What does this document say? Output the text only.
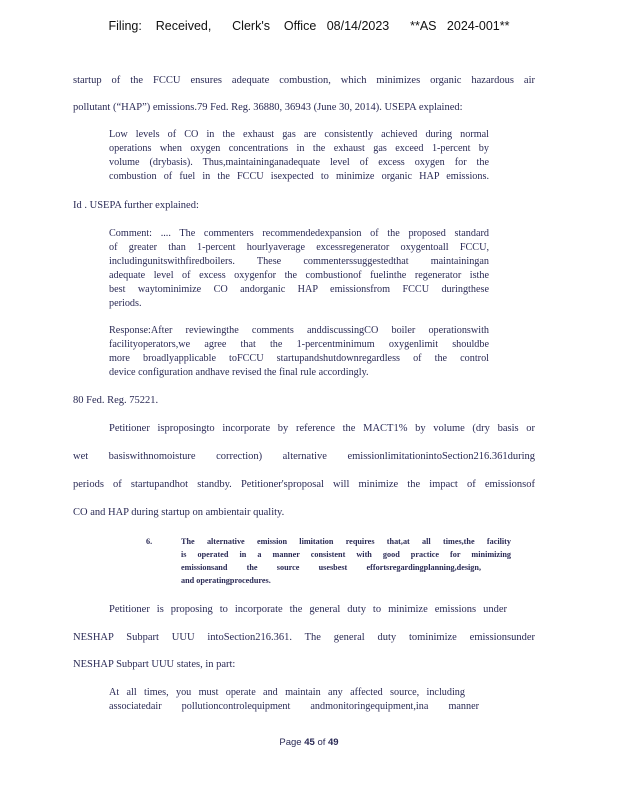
Filing:    Received,      Clerk's    Office   08/14/2023      **AS   2024-001**
startup of the FCCU ensures adequate combustion, which minimizes organic hazardous air
pollutant (“HAP”) emissions.79 Fed. Reg. 36880, 36943 (June 30, 2014). USEPA explained:
Low levels of CO in the exhaust gas are consistently achieved during normal
operations when oxygen concentrations in the exhaust gas exceed 1-percent by
volume (drybasis). Thus,maintaininganadequate level of excess oxygen for the
combustion of fuel in the FCCU isexpected to minimize organic HAP emissions.
Id . USEPA further explained:
Comment: .... The commenters recommendedexpansion of the proposed standard
of greater than 1-percent hourlyaverage excessregenerator oxygentoall FCCU,
includingunitswithfiredboilers. These commenterssuggestedthat maintainingan
adequate level of excess oxygenfor the combustionof fuelinthe regenerator isthe
best waytominimize CO andorganic HAP emissionsfrom FCCU duringthese
periods.
Response:After reviewingthe comments anddiscussingCO boiler operationswith
facilityoperators,we agree that the 1-percentminimum oxygenlimit shouldbe
more broadlyapplicable toFCCU startupandshutdownregardless of the control
device configuration andhave revised the final rule accordingly.
80 Fed. Reg. 75221.
Petitioner isproposingto incorporate by reference the MACT1% by volume (dry basis or
wet basiswithnomoisture correction) alternative emissionlimitationintoSection216.361during
periods of startupandhot standby. Petitioner'sproposal will minimize the impact of emissionsof
CO and HAP during startup on ambientair quality.
6.	The alternative emission limitation requires that,at all times,the facility
is operated in a manner consistent with good practice for minimizing
emissionsand the source usesbest effortsregardingplanning,design,
and operatingprocedures.
Petitioner is proposing to incorporate the general duty to minimize emissions under
NESHAP Subpart UUU intoSection216.361. The general duty tominimize emissionsunder
NESHAP Subpart UUU states, in part:
At all times, you must operate and maintain any affected source, including
associatedair pollutioncontrolequipment andmonitoringequipment,ina manner
Page 45 of 49
